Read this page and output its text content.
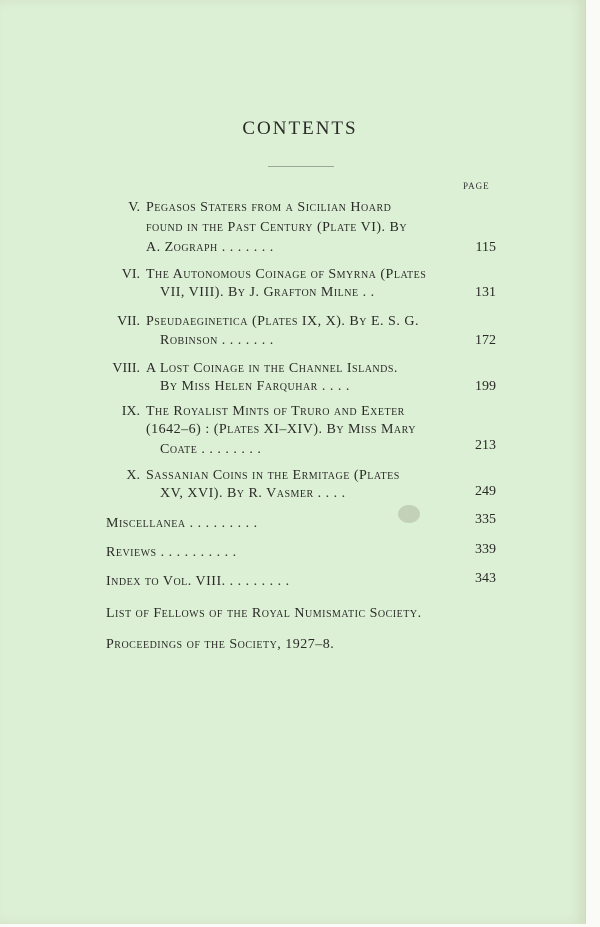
CONTENTS
PAGE
V. Pegasos Staters from a Sicilian Hoard
found in the Past Century (Plate VI). By
A. Zograph . . . . . . .	115
VI. The Autonomous Coinage of Smyrna (Plates
VII, VIII). By J. Grafton Milne . .	131
VII. Pseudaeginetica (Plates IX, X). By E. S. G.
Robinson . . . . . . .	172
VIII. A Lost Coinage in the Channel Islands.
By Miss Helen Farquhar . . . .	199
IX. The Royalist Mints of Truro and Exeter
(1642–6) : (Plates XI–XIV). By Miss Mary
Coate . . . . . . . .	213
X. Sassanian Coins in the Ermitage (Plates
XV, XVI). By R. Vasmer . . . .	249
Miscellanea . . . . . . . . .	335
Reviews . . . . . . . . . .	339
Index to Vol. VIII. . . . . . . . .	343
List of Fellows of the Royal Numismatic Society.
Proceedings of the Society, 1927–8.
